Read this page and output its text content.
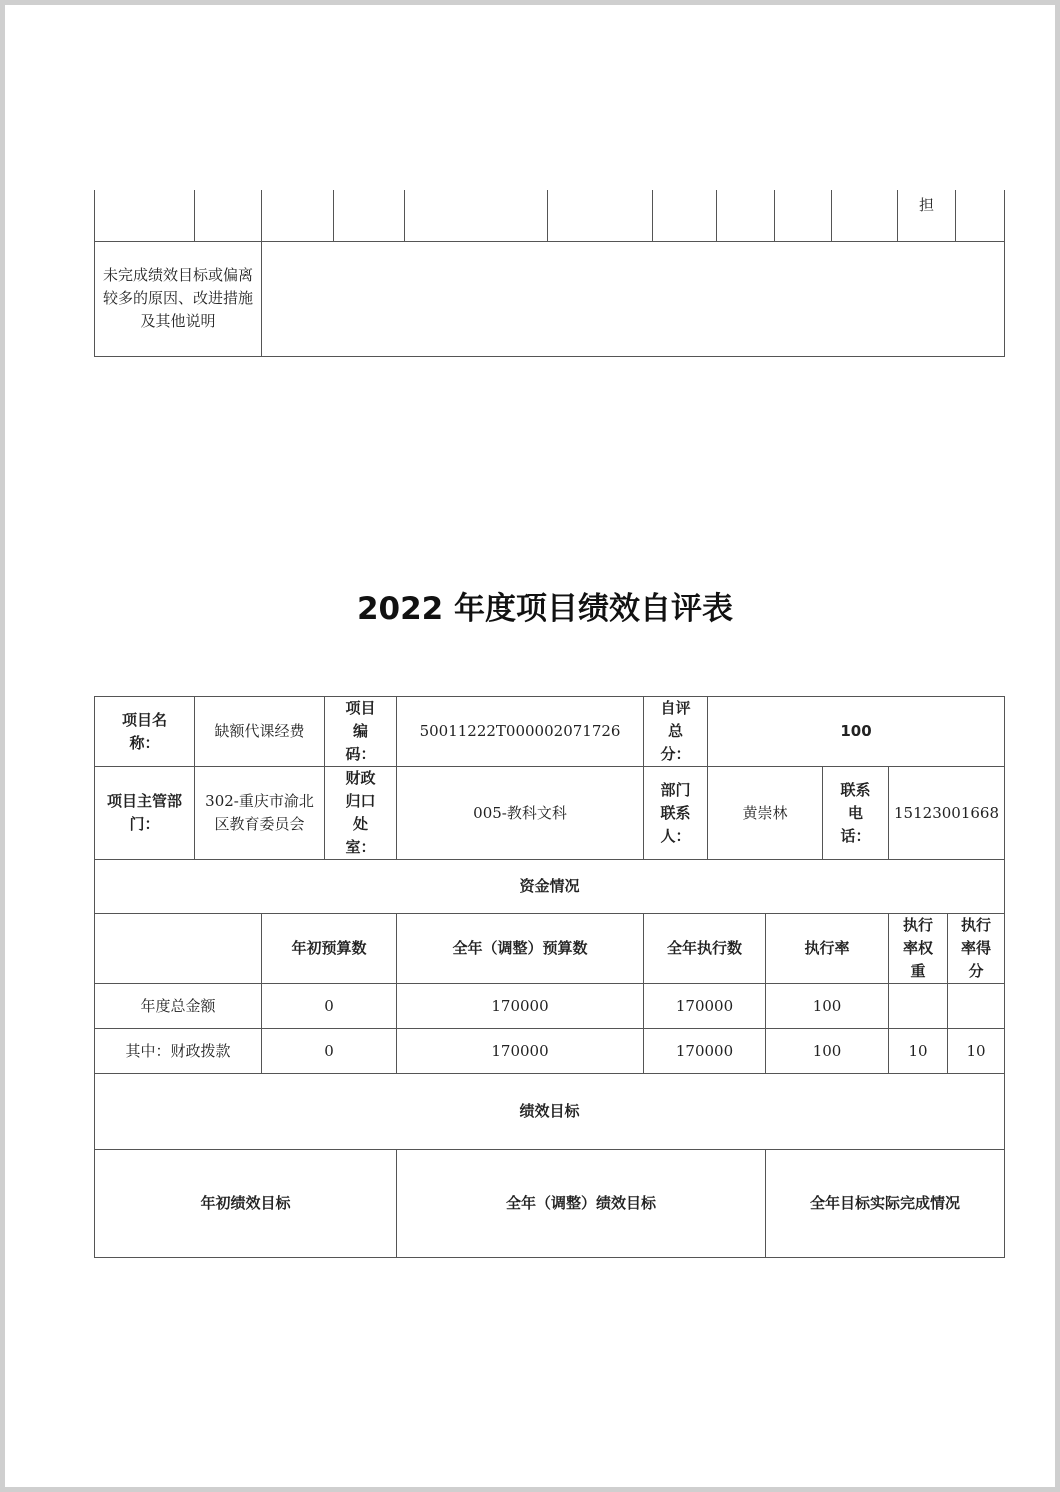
										担	
未完成绩效目标或偏离较多的原因、改进措施及其他说明											
2022 年度项目绩效自评表
项目名称：	缺额代课经费		项目编码：	50011222T000002071726	自评总分：	100				
项目主管部门：	302-重庆市渝北区教育委员会		财政归口处室：	005-教科文科	部门联系人：	黄崇林		联系电话：	15123001668	
资金情况										
		年初预算数		全年（调整）预算数	全年执行数		执行率		执行率权重	执行率得分
年度总金额		0		170000	170000		100			
其中：财政拨款		0		170000	170000		100		10	10
绩效目标										
年初绩效目标				全年（调整）绩效目标			全年目标实际完成情况			
